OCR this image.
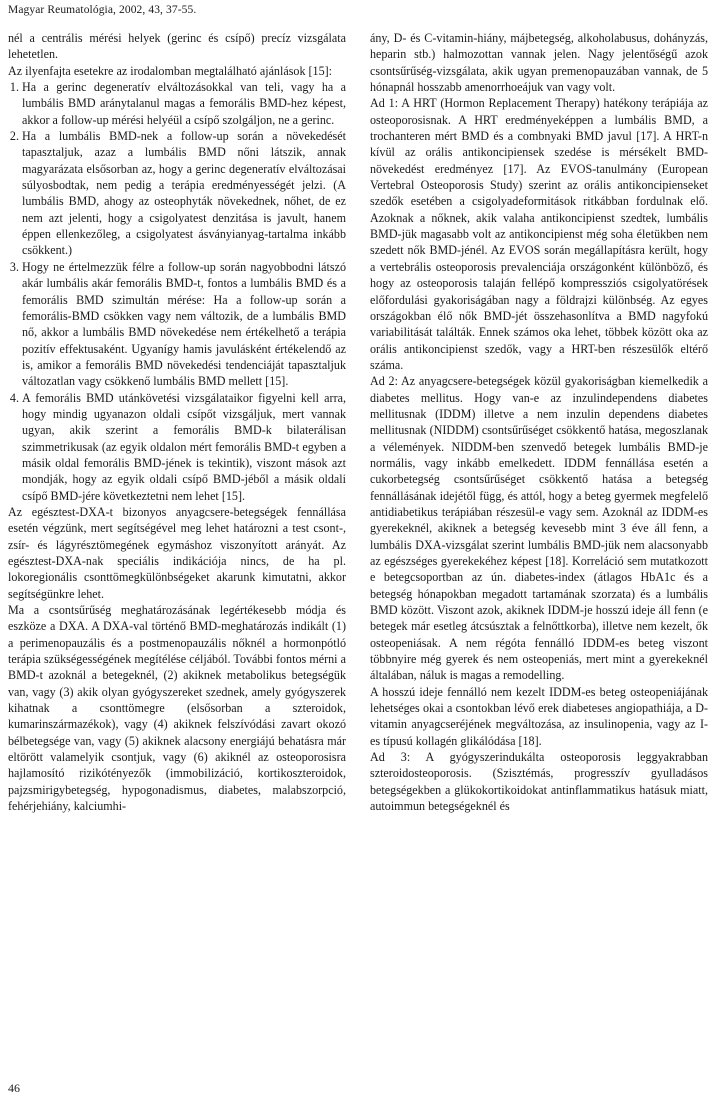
Magyar Reumatológia, 2002, 43, 37-55.

nél a centrális mérési helyek (gerinc és csípő) precíz vizsgálata lehetetlen.

Az ilyenfajta esetekre az irodalomban megtalálható ajánlások [15]:

1. Ha a gerinc degeneratív elváltozásokkal van teli, vagy ha a lumbális BMD aránytalanul magas a femorális BMD-hez képest, akkor a follow-up mérési helyéül a csípő szolgáljon, ne a gerinc.
2. Ha a lumbális BMD-nek a follow-up során a növekedését tapasztaljuk, azaz a lumbális BMD nőni látszik, annak magyarázata elsősorban az, hogy a gerinc degeneratív elváltozásai súlyosbodtak, nem pedig a terápia eredményességét jelzi. (A lumbális BMD, ahogy az osteophyták növekednek, nőhet, de ez nem azt jelenti, hogy a csigolyatest denzitása is javult, hanem éppen ellenkezőleg, a csigolyatest ásványianyag-tartalma inkább csökkent.)
3. Hogy ne értelmezzük félre a follow-up során nagyobbodni látszó akár lumbális akár femorális BMD-t, fontos a lumbális BMD és a femorális BMD szimultán mérése: Ha a follow-up során a femorális-BMD csökken vagy nem változik, de a lumbális BMD nő, akkor a lumbális BMD növekedése nem értékelhető a terápia pozitív effektusaként. Ugyanígy hamis javulásként értékelendő az is, amikor a femorális BMD növekedési tendenciáját tapasztaljuk változatlan vagy csökkenő lumbális BMD mellett [15].
4. A femorális BMD utánkövetési vizsgálataikor figyelni kell arra, hogy mindig ugyanazon oldali csípőt vizsgáljuk, mert vannak ugyan, akik szerint a femorális BMD-k bilaterálisan szimmetrikusak (az egyik oldalon mért femorális BMD-t egyben a másik oldal femorális BMD-jének is tekintik), viszont mások azt mondják, hogy az egyik oldali csípő BMD-jéből a másik oldali csípő BMD-jére következtetni nem lehet [15].

Az egésztest-DXA-t bizonyos anyagcsere-betegségek fennállása esetén végzünk, mert segítségével meg lehet határozni a test csont-, zsír- és lágyrésztömegének egymáshoz viszonyított arányát. Az egésztest-DXA-nak speciális indikációja nincs, de ha pl. lokoregionális csonttömegkülönbségeket akarunk kimutatni, akkor segítségünkre lehet.

Ma a csontsűrűség meghatározásának legértékesebb módja és eszköze a DXA. A DXA-val történő BMD-meghatározás indikált (1) a perimenopauzális és a postmenopauzális nőknél a hormonpótló terápia szükségességének megítélése céljából. További fontos mérni a BMD-t azoknál a betegeknél, (2) akiknek metabolikus betegségük van, vagy (3) akik olyan gyógyszereket szednek, amely gyógyszerek kihatnak a csonttömegre (elsősorban a szteroidok, kumarinszármazékok), vagy (4) akiknek felszívódási zavart okozó bélbetegsége van, vagy (5) akiknek alacsony energiájú behatásra már eltörött valamelyik csontjuk, vagy (6) akiknél az osteoporosisra hajlamosító rizikótényezők (immobilizáció, kortikoszteroidok, pajzsmirigybetegség, hypogonadismus, diabetes, malabszorpció, fehérjehiány, kalciumhi-

ány, D- és C-vitamin-hiány, májbetegség, alkoholabusus, dohányzás, heparin stb.) halmozottan vannak jelen. Nagy jelentőségű azok csontsűrűség-vizsgálata, akik ugyan premenopauzában vannak, de 5 hónapnál hosszabb amenorrhoeájuk van vagy volt.

Ad 1: A HRT (Hormon Replacement Therapy) hatékony terápiája az osteoporosisnak. A HRT eredményeképpen a lumbális BMD, a trochanteren mért BMD és a combnyaki BMD javul [17]. A HRT-n kívül az orális antikoncipiensek szedése is mérsékelt BMD-növekedést eredményez [17]. Az EVOS-tanulmány (European Vertebral Osteoporosis Study) szerint az orális antikoncipienseket szedők esetében a csigolyadeformitások ritkábban fordulnak elő. Azoknak a nőknek, akik valaha antikoncipienst szedtek, lumbális BMD-jük magasabb volt az antikoncipienst még soha életükben nem szedett nők BMD-jénél. Az EVOS során megállapításra került, hogy a vertebrális osteoporosis prevalenciája országonként különböző, és hogy az osteoporosis talaján fellépő kompressziós csigolyatörések előfordulási gyakoriságában nagy a földrajzi különbség. Az egyes országokban élő nők BMD-jét összehasonlítva a BMD nagyfokú variabilitását találták. Ennek számos oka lehet, többek között oka az orális antikoncipienst szedők, vagy a HRT-ben részesülők eltérő száma.

Ad 2: Az anyagcsere-betegségek közül gyakoriságban kiemelkedik a diabetes mellitus. Hogy van-e az inzulindependens diabetes mellitusnak (IDDM) illetve a nem inzulin dependens diabetes mellitusnak (NIDDM) csontsűrűséget csökkentő hatása, megoszlanak a vélemények. NIDDM-ben szenvedő betegek lumbális BMD-je normális, vagy inkább emelkedett. IDDM fennállása esetén a cukorbetegség csontsűrűséget csökkentő hatása a betegség fennállásának idejétől függ, és attól, hogy a beteg gyermek megfelelő antidiabetikus terápiában részesül-e vagy sem. Azoknál az IDDM-es gyerekeknél, akiknek a betegség kevesebb mint 3 éve áll fenn, a lumbális DXA-vizsgálat szerint lumbális BMD-jük nem alacsonyabb az egészséges gyerekekéhez képest [18]. Korreláció sem mutatkozott e betegcsoportban az ún. diabetes-index (átlagos HbA1c és a betegség hónapokban megadott tartamának szorzata) és a lumbális BMD között. Viszont azok, akiknek IDDM-je hosszú ideje áll fenn (e betegek már esetleg átcsúsztak a felnőttkorba), illetve nem kezelt, ők osteopeniásak. A nem régóta fennálló IDDM-es beteg viszont többnyire még gyerek és nem osteopeniás, mert mint a gyerekeknél általában, náluk is magas a remodelling.

A hosszú ideje fennálló nem kezelt IDDM-es beteg osteopeniájának lehetséges okai a csontokban lévő erek diabeteses angiopathiája, a D-vitamin anyagcseréjének megváltozása, az insulinopenia, vagy az I-es típusú kollagén glikálódása [18].

Ad 3: A gyógyszerindukálta osteoporosis leggyakrabban szteroidosteoporosis. (Szisztémás, progresszív gyulladásos betegségekben a glükokortikoidokat antinflammatikus hatásuk miatt, autoimmun betegségeknél és

46
